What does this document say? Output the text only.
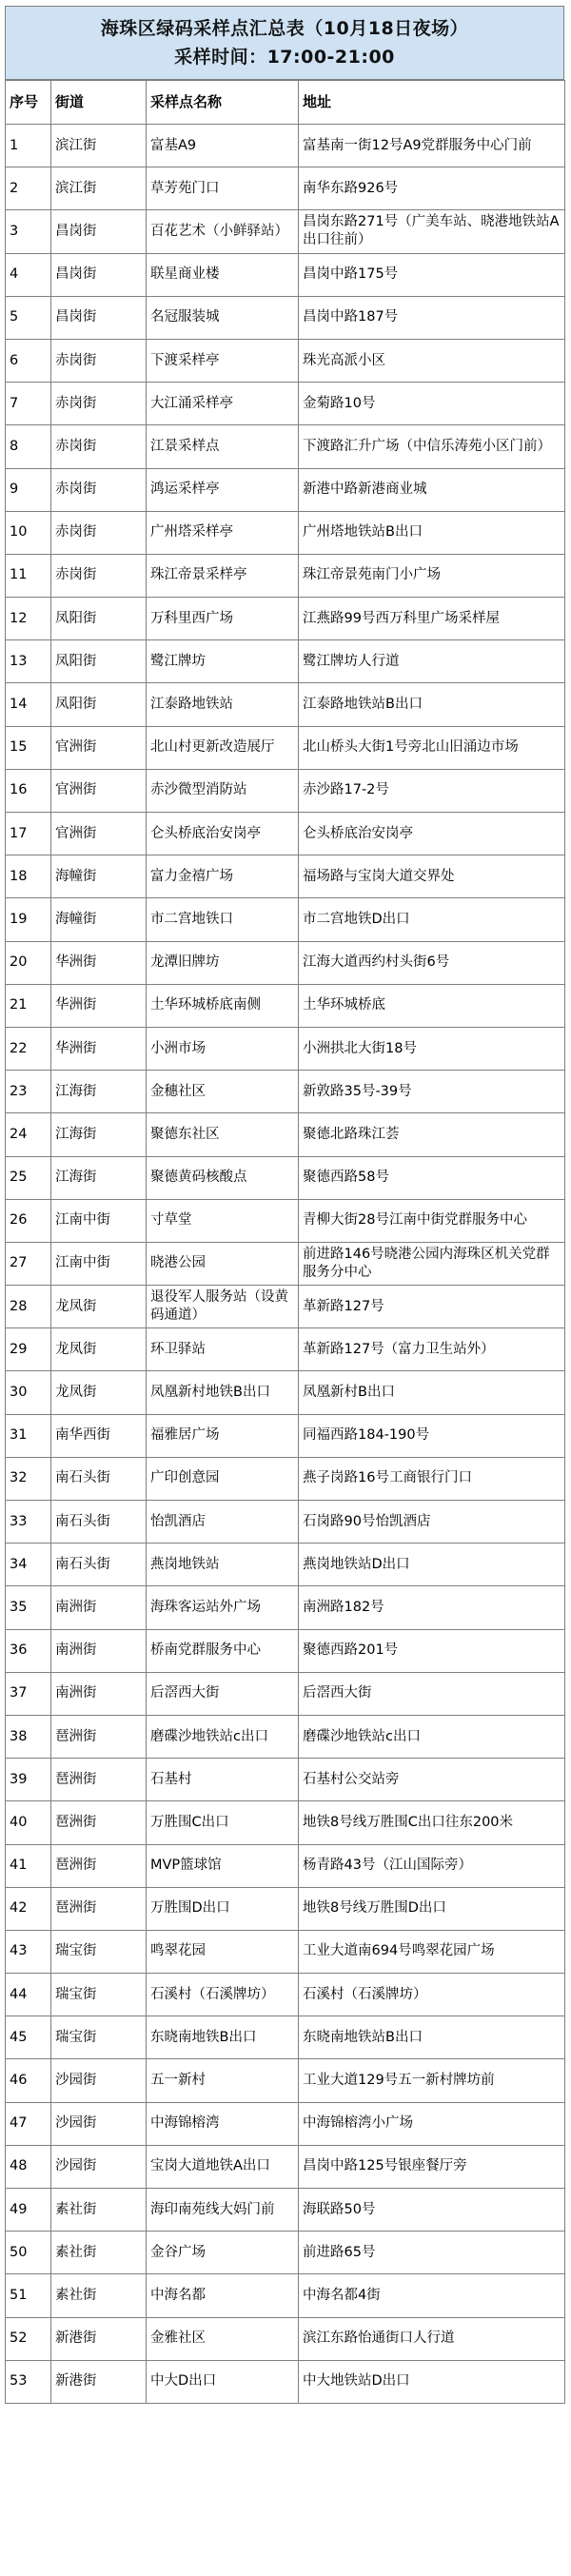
海珠区绿码采样点汇总表（10月18日夜场）
采样时间：17:00-21:00
序号	街道	采样点名称	地址
1	滨江街	富基A9	富基南一街12号A9党群服务中心门前
2	滨江街	草芳苑门口	南华东路926号
3	昌岗街	百花艺术（小鲜驿站）	昌岗东路271号（广美车站、晓港地铁站A出口往前）
4	昌岗街	联星商业楼	昌岗中路175号
5	昌岗街	名冠服装城	昌岗中路187号
6	赤岗街	下渡采样亭	珠光高派小区
7	赤岗街	大江涌采样亭	金菊路10号
8	赤岗街	江景采样点	下渡路汇升广场（中信乐涛苑小区门前）
9	赤岗街	鸿运采样亭	新港中路新港商业城
10	赤岗街	广州塔采样亭	广州塔地铁站B出口
11	赤岗街	珠江帝景采样亭	珠江帝景苑南门小广场
12	凤阳街	万科里西广场	江燕路99号西万科里广场采样屋
13	凤阳街	鹭江牌坊	鹭江牌坊人行道
14	凤阳街	江泰路地铁站	江泰路地铁站B出口
15	官洲街	北山村更新改造展厅	北山桥头大街1号旁北山旧涌边市场
16	官洲街	赤沙微型消防站	赤沙路17-2号
17	官洲街	仑头桥底治安岗亭	仑头桥底治安岗亭
18	海幢街	富力金禧广场	福场路与宝岗大道交界处
19	海幢街	市二宫地铁口	市二宫地铁D出口
20	华洲街	龙潭旧牌坊	江海大道西约村头街6号
21	华洲街	土华环城桥底南侧	土华环城桥底
22	华洲街	小洲市场	小洲拱北大街18号
23	江海街	金穗社区	新敦路35号-39号
24	江海街	聚德东社区	聚德北路珠江荟
25	江海街	聚德黄码核酸点	聚德西路58号
26	江南中街	寸草堂	青柳大街28号江南中街党群服务中心
27	江南中街	晓港公园	前进路146号晓港公园内海珠区机关党群服务分中心
28	龙凤街	退役军人服务站（设黄码通道）	革新路127号
29	龙凤街	环卫驿站	革新路127号（富力卫生站外）
30	龙凤街	凤凰新村地铁B出口	凤凰新村B出口
31	南华西街	福雅居广场	同福西路184-190号
32	南石头街	广印创意园	燕子岗路16号工商银行门口
33	南石头街	怡凯酒店	石岗路90号怡凯酒店
34	南石头街	燕岗地铁站	燕岗地铁站D出口
35	南洲街	海珠客运站外广场	南洲路182号
36	南洲街	桥南党群服务中心	聚德西路201号
37	南洲街	后滘西大街	后滘西大街
38	琶洲街	磨碟沙地铁站c出口	磨碟沙地铁站c出口
39	琶洲街	石基村	石基村公交站旁
40	琶洲街	万胜围C出口	地铁8号线万胜围C出口往东200米
41	琶洲街	MVP篮球馆	杨青路43号（江山国际旁）
42	琶洲街	万胜围D出口	地铁8号线万胜围D出口
43	瑞宝街	鸣翠花园	工业大道南694号鸣翠花园广场
44	瑞宝街	石溪村（石溪牌坊）	石溪村（石溪牌坊）
45	瑞宝街	东晓南地铁B出口	东晓南地铁站B出口
46	沙园街	五一新村	工业大道129号五一新村牌坊前
47	沙园街	中海锦榕湾	中海锦榕湾小广场
48	沙园街	宝岗大道地铁A出口	昌岗中路125号银座餐厅旁
49	素社街	海印南苑线大妈门前	海联路50号
50	素社街	金谷广场	前进路65号
51	素社街	中海名都	中海名都4街
52	新港街	金雅社区	滨江东路怡通街口人行道
53	新港街	中大D出口	中大地铁站D出口
